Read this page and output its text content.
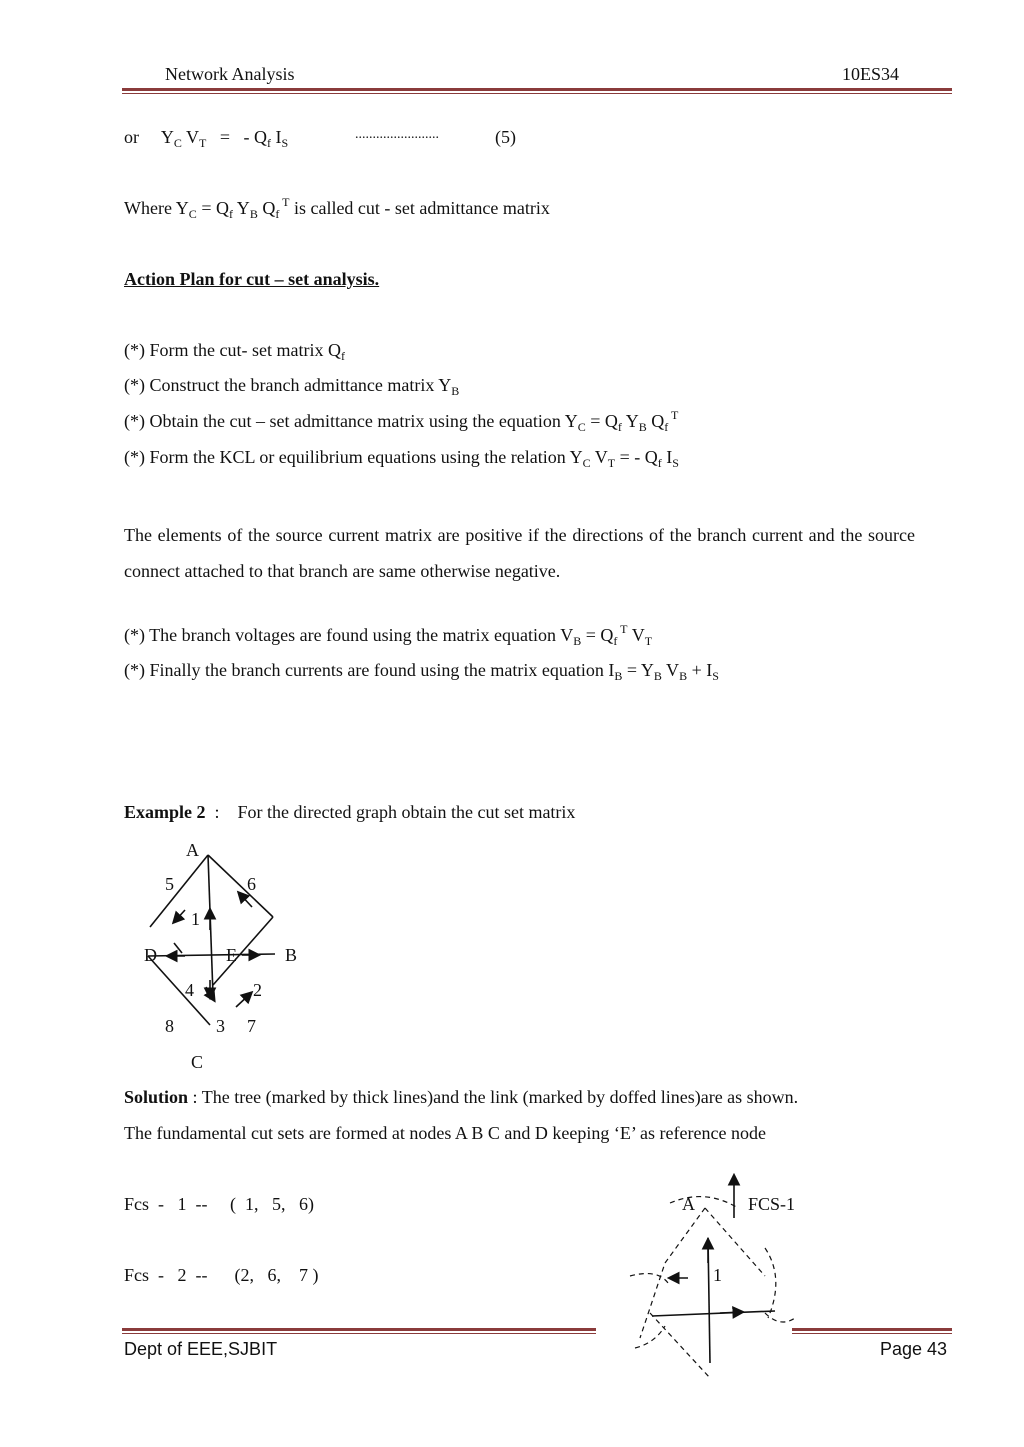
Network Analysis	10ES34
or $Y_C$ $V_T$ = - $Q_f$ $I_S$
........................	(5)
Where $Y_C = Q_f$ $Y_B$ $Q_f$ $^T$ is called cut - set admittance matrix
Action Plan for cut – set analysis.
(*) Form the cut- set matrix $Q_f$
(*) Construct the branch admittance matrix $Y_B$
(*) Obtain the cut – set admittance matrix using the equation $Y_C = Q_f$ $Y_B$ $Q_f$ $^T$
(*) Form the KCL or equilibrium equations using the relation $Y_C$ $V_T$ = - $Q_f$ $I_S$
The elements of the source current matrix are positive if the directions of the branch current and the source connect attached to that branch are same otherwise negative.
(*) The branch voltages are found using the matrix equation $V_B = Q_f$ $^T$ $V_T$
(*) Finally the branch currents are found using the matrix equation $I_B = Y_B$ $V_B + I_S$
Example 2  :    For the directed graph obtain the cut set matrix
A
5	6
1
D	E	B
4	2
8 3 7
C
Solution : The tree (marked by thick lines)and the link (marked by doffed lines)are as shown.
The fundamental cut sets are formed at nodes A B C and D keeping ‘E’ as reference node
Fcs  -   1  --     (  1,   5,   6)
Fcs  -   2  --      (2,   6,    7 )
A	FCS-1
1
Dept of EEE,SJBIT	Page 43
